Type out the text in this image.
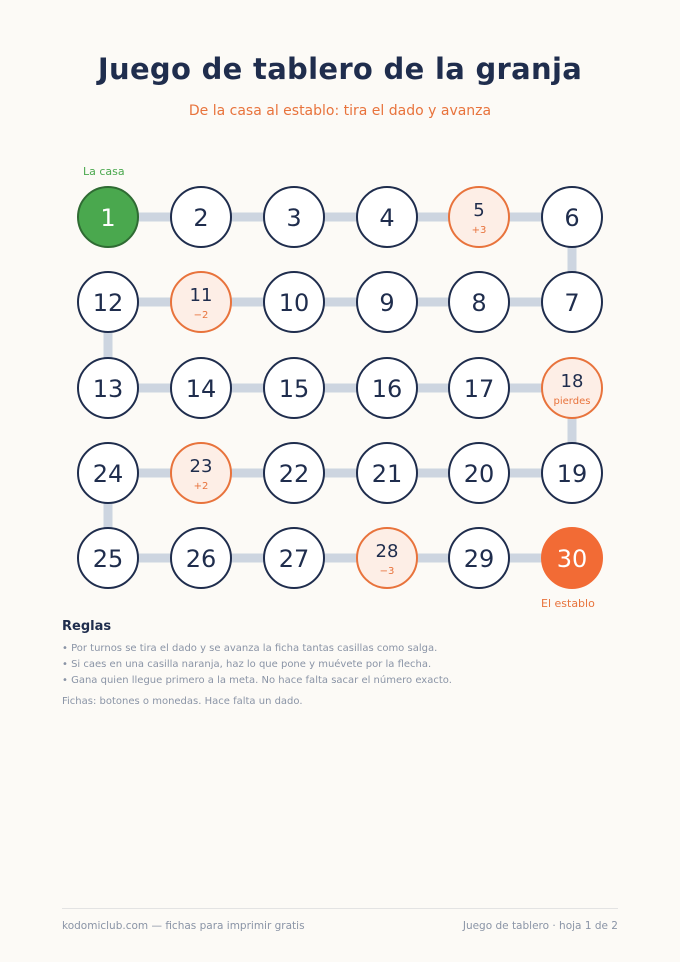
Juego de tablero de la granja
De la casa al establo: tira el dado y avanza
1	2	3	4	5
+3	6
7
8
9
10
11
−2
12
13	14	15	16	17	18
pierdes
19
20
21
22
23
+2
24
25	26	27	28
−3	29	30
La casa
El establo
Reglas
• Por turnos se tira el dado y se avanza la ficha tantas casillas como salga.
• Si caes en una casilla naranja, haz lo que pone y muévete por la flecha.
• Gana quien llegue primero a la meta. No hace falta sacar el número exacto.
Fichas: botones o monedas. Hace falta un dado.
kodomiclub.com — fichas para imprimir gratis	Juego de tablero · hoja 1 de 2
